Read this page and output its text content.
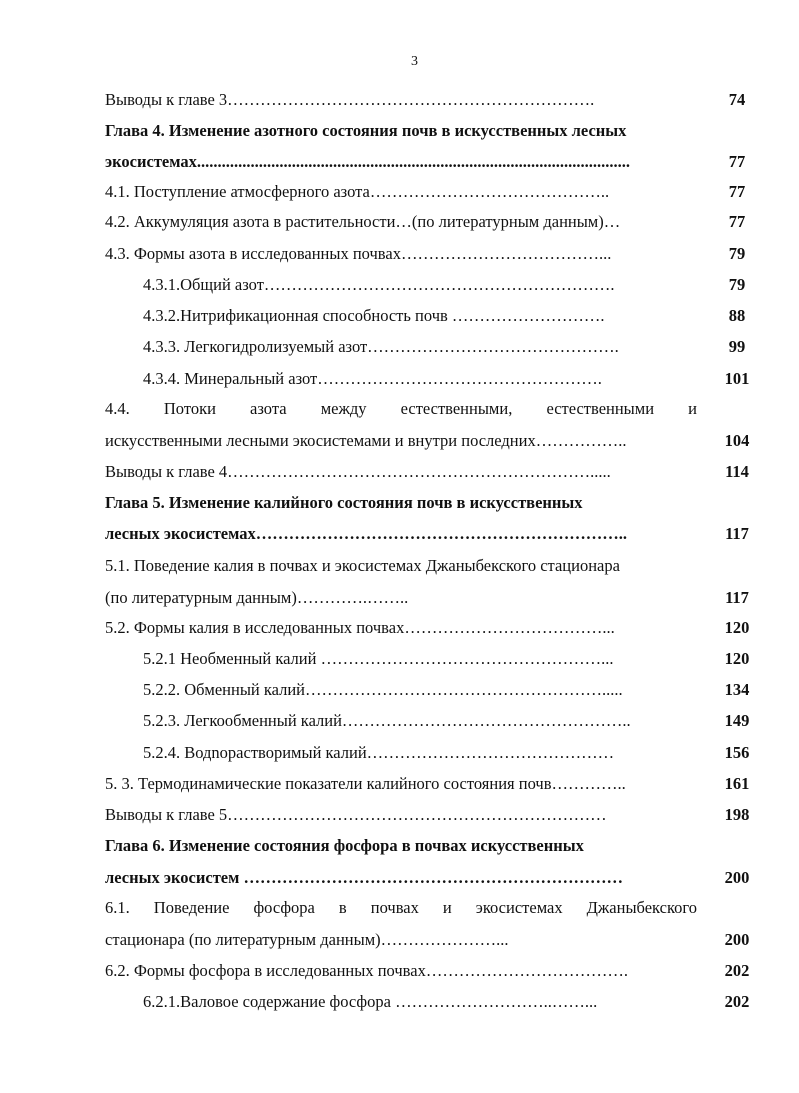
3
Выводы к главе 3………………………………………………………….	74
Глава 4. Изменение азотного состояния почв в искусственных лесных
экосистемах.........................................................................................................	77
4.1. Поступление атмосферного азота……………………………………..	77
4.2. Аккумуляция азота в растительности…(по литературным данным)…	77
4.3. Формы азота в исследованных почвах………………………………...	79
4.3.1.Общий азот……………………………………………………….	79
4.3.2.Нитрификационная способность почв ……………………….	88
4.3.3. Легкогидролизуемый азот……………………………………….	99
4.3.4. Минеральный азот…………………………………………….	101
4.4. Потоки азота между естественными, естественными и
искусственными лесными экосистемами и внутри последних……………..	104
Выводы к главе 4………………………………………………………….....	114
Глава 5. Изменение калийного состояния почв в искусственных
лесных экосистемах…………………………………………………………..	117
5.1. Поведение калия в почвах и экосистемах Джаныбекского стационара
(по литературным данным)………….……..	117
5.2. Формы калия в исследованных почвах………………………………...	120
5.2.1 Необменный калий ……………………………………………...	120
5.2.2. Обменный калий……………………………………………….....	134
5.2.3. Легкообменный калий……………………………………………..	149
5.2.4. Водnoрастворимый калий………………………………………	156
5. 3. Термодинамические показатели калийного состояния почв…………..	161
Выводы к главе 5……………………………………………………………	198
Глава 6. Изменение состояния фосфора в почвах искусственных
лесных экосистем ……………………………………………………………	200
6.1. Поведение фосфора в почвах и экосистемах Джаныбекского
стационара (по литературным данным)…………………...	200
6.2. Формы фосфора в исследованных почвах……………………………….	202
6.2.1.Валовое содержание фосфора ………………………..……...	202
